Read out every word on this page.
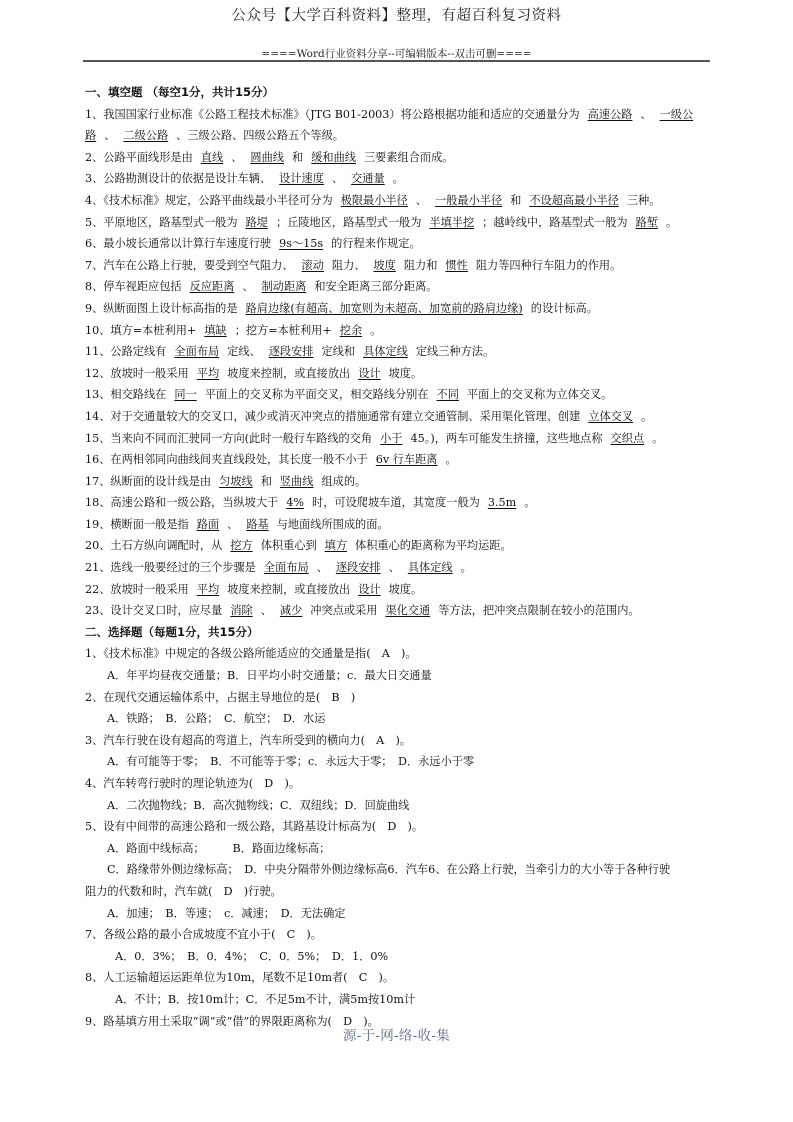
公众号【大学百科资料】整理，有超百科复习资料
====Word行业资料分享--可编辑版本--双击可删====
一、填空题 （每空1分，共计15分）
1、我国国家行业标准《公路工程技术标准》（JTG B01-2003）将公路根据功能和适应的交通量分为 高速公路 、 一级公路 、 二级公路 、三级公路、四级公路五个等级。
2、公路平面线形是由 直线 、 圆曲线 和 缓和曲线 三要素组合而成。
3、公路勘测设计的依据是设计车辆、 设计速度 、 交通量 。
4、《技术标准》规定，公路平曲线最小半径可分为 极限最小半径 、 一般最小半径 和 不设超高最小半径 三种。
5、平原地区，路基型式一般为 路堤 ；丘陵地区，路基型式一般为 半填半挖 ；越岭线中，路基型式一般为 路堑 。
6、最小坡长通常以计算行车速度行驶 9s～15s 的行程来作规定。
7、汽车在公路上行驶，要受到空气阻力、 滚动 阻力、 坡度 阻力和 惯性 阻力等四种行车阻力的作用。
8、停车视距应包括 反应距离 、 制动距离 和安全距离三部分距离。
9、纵断面图上设计标高指的是 路肩边缘(有超高、加宽则为未超高、加宽前的路肩边缘) 的设计标高。
10、填方=本桩利用+ 填缺 ；挖方=本桩利用+ 挖余 。
11、公路定线有 全面布局 定线、 逐段安排 定线和 具体定线 定线三种方法。
12、放坡时一般采用 平均 坡度来控制，或直接放出 设计 坡度。
13、相交路线在 同一 平面上的交叉称为平面交叉，相交路线分别在 不同 平面上的交叉称为立体交叉。
14、对于交通量较大的交叉口，减少或消灭冲突点的措施通常有建立交通管制、采用渠化管理、创建 立体交叉 。
15、当来向不同而汇驶同一方向(此时一般行车路线的交角 小于 45。)，两车可能发生挤撞，这些地点称 交织点 。
16、在两相邻同向曲线间夹直线段处，其长度一般不小于 6v 行车距离 。
17、纵断面的设计线是由 匀坡线 和 竖曲线 组成的。
18、高速公路和一级公路，当纵坡大于 4% 时，可设爬坡车道，其宽度一般为 3.5m 。
19、横断面一般是指 路面 、 路基 与地面线所围成的面。
20、土石方纵向调配时，从 挖方 体积重心到 填方 体积重心的距离称为平均运距。
21、选线一般要经过的三个步骤是 全面布局 、 逐段安排 、 具体定线 。
22、放坡时一般采用 平均 坡度来控制，或直接放出 设计 坡度。
23、设计交叉口时，应尽量 消除 、 减少 冲突点或采用 渠化交通 等方法，把冲突点限制在较小的范围内。
二、选择题（每题1分，共15分）
1、《技术标准》中规定的各级公路所能适应的交通量是指(　A　)。
A．年平均昼夜交通量；B．日平均小时交通量；c．最大日交通量
2、在现代交通运输体系中，占据主导地位的是(　B　)
A．铁路；　B．公路；　C．航空；　D．水运
3、汽车行驶在设有超高的弯道上，汽车所受到的横向力(　A　)。
A．有可能等于零；　B．不可能等于零；c．永远大于零；　D．永远小于零
4、汽车转弯行驶时的理论轨迹为(　D　)。
A．二次抛物线；B．高次抛物线；C．双纽线；D．回旋曲线
5、设有中间带的高速公路和一级公路，其路基设计标高为(　D　)。
A．路面中线标高；　　　B．路面边缘标高；
C．路缘带外侧边缘标高；　D．中央分隔带外侧边缘标高6．汽车6、在公路上行驶，当牵引力的大小等于各种行驶
阻力的代数和时，汽车就(　D　)行驶。
A．加速；　B．等速；　c．减速；　D．无法确定
7、各级公路的最小合成坡度不宜小于(　C　)。
A．0．3%；　B．0．4%；　C．0．5%；　D．1．0%
8、人工运输超运运距单位为10m，尾数不足10m者(　C　)。
A．不计；B．按10m计；C．不足5m不计，满5m按10m计
9、路基填方用土采取“调”或“借”的界限距离称为(　D　)。
源-于-网-络-收-集
